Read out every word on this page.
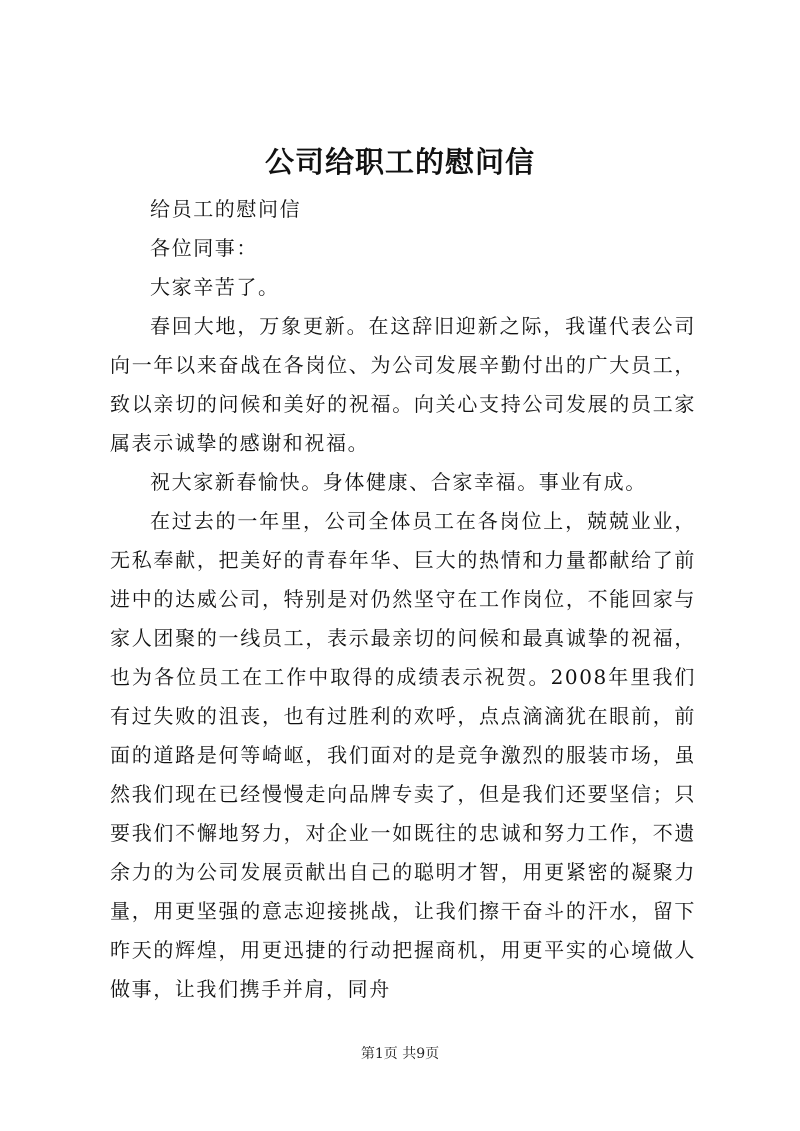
公司给职工的慰问信

给员工的慰问信

各位同事：

大家辛苦了。

春回大地，万象更新。在这辞旧迎新之际，我谨代表公司向一年以来奋战在各岗位、为公司发展辛勤付出的广大员工，致以亲切的问候和美好的祝福。向关心支持公司发展的员工家属表示诚挚的感谢和祝福。

祝大家新春愉快。身体健康、合家幸福。事业有成。

在过去的一年里，公司全体员工在各岗位上，兢兢业业，无私奉献，把美好的青春年华、巨大的热情和力量都献给了前进中的达威公司，特别是对仍然坚守在工作岗位，不能回家与家人团聚的一线员工，表示最亲切的问候和最真诚挚的祝福，也为各位员工在工作中取得的成绩表示祝贺。2008年里我们有过失败的沮丧，也有过胜利的欢呼，点点滴滴犹在眼前，前面的道路是何等崎岖，我们面对的是竞争激烈的服装市场，虽然我们现在已经慢慢走向品牌专卖了，但是我们还要坚信；只要我们不懈地努力，对企业一如既往的忠诚和努力工作，不遗余力的为公司发展贡献出自己的聪明才智，用更紧密的凝聚力量，用更坚强的意志迎接挑战，让我们擦干奋斗的汗水，留下昨天的辉煌，用更迅捷的行动把握商机，用更平实的心境做人做事，让我们携手并肩，同舟

第1页 共9页
